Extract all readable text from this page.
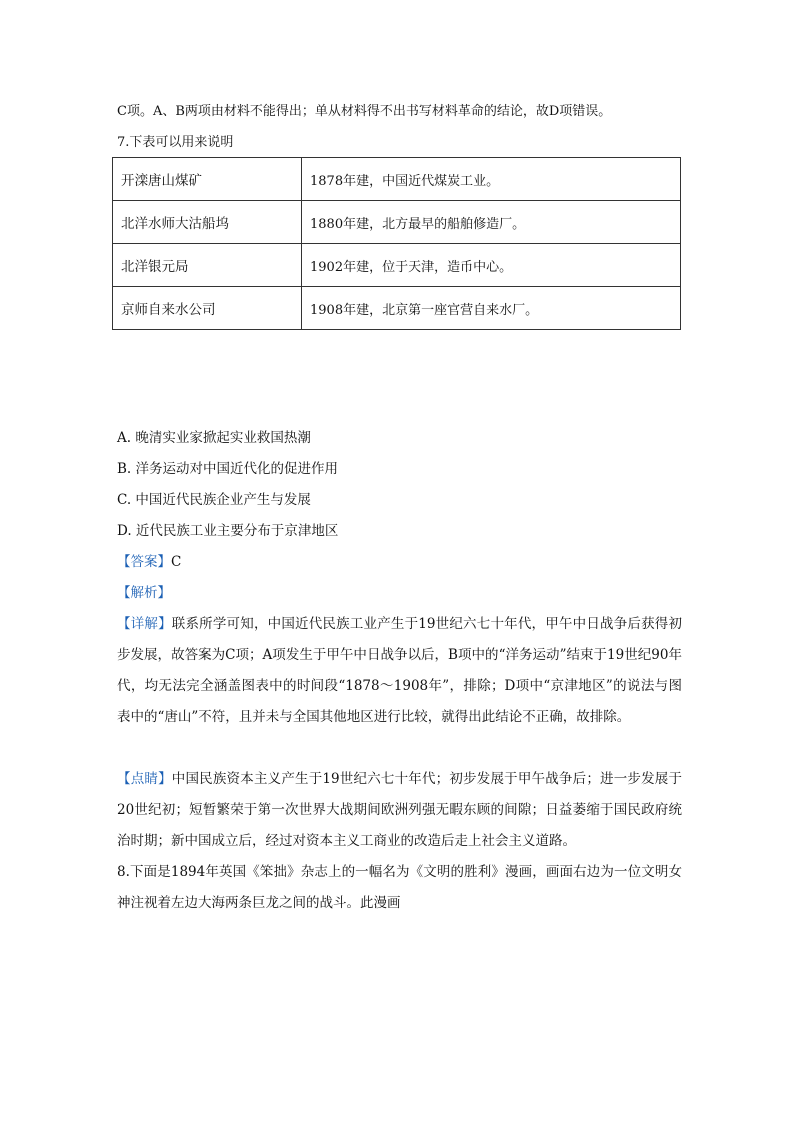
C项。A、B两项由材料不能得出；单从材料得不出书写材料革命的结论，故D项错误。
7.下表可以用来说明
开滦唐山煤矿	1878年建，中国近代煤炭工业。
北洋水师大沽船坞	1880年建，北方最早的船舶修造厂。
北洋银元局	1902年建，位于天津，造币中心。
京师自来水公司	1908年建，北京第一座官营自来水厂。
A. 晚清实业家掀起实业救国热潮
B. 洋务运动对中国近代化的促进作用
C. 中国近代民族企业产生与发展
D. 近代民族工业主要分布于京津地区
【答案】C
【解析】
【详解】联系所学可知，中国近代民族工业产生于19世纪六七十年代，甲午中日战争后获得初步发展，故答案为C项；A项发生于甲午中日战争以后，B项中的“洋务运动”结束于19世纪90年代，均无法完全涵盖图表中的时间段“1878～1908年”，排除；D项中“京津地区”的说法与图表中的“唐山”不符，且并未与全国其他地区进行比较，就得出此结论不正确，故排除。
【点睛】中国民族资本主义产生于19世纪六七十年代；初步发展于甲午战争后；进一步发展于20世纪初；短暂繁荣于第一次世界大战期间欧洲列强无暇东顾的间隙；日益萎缩于国民政府统治时期；新中国成立后，经过对资本主义工商业的改造后走上社会主义道路。
8.下面是1894年英国《笨拙》杂志上的一幅名为《文明的胜利》漫画，画面右边为一位文明女神注视着左边大海两条巨龙之间的战斗。此漫画
